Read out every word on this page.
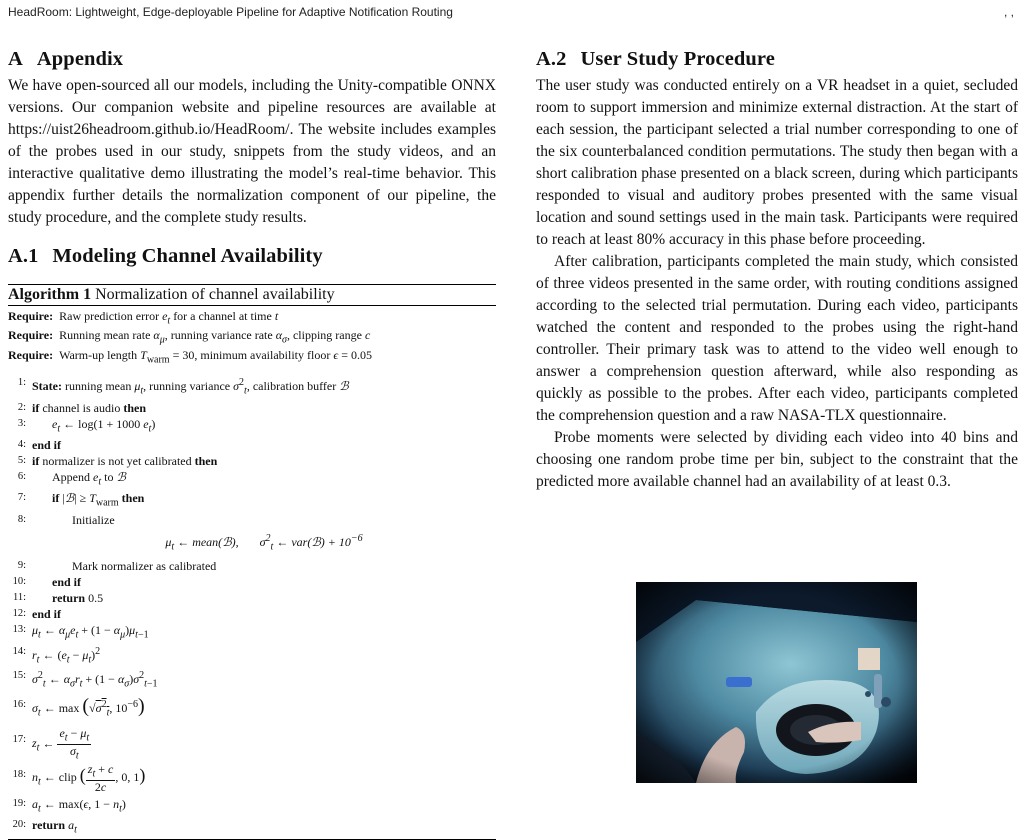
HeadRoom: Lightweight, Edge-deployable Pipeline for Adaptive Notification Routing	, ,
A Appendix

We have open-sourced all our models, including the Unity-compatible ONNX versions. Our companion website and pipeline resources are available at https://uist26headroom.github.io/HeadRoom/. The website includes examples of the probes used in our study, snippets from the study videos, and an interactive qualitative demo illustrating the model’s real-time behavior. This appendix further details the normalization component of our pipeline, the study procedure, and the complete study results.

A.1 Modeling Channel Availability
Algorithm 1 Normalization of channel availability
Require: Raw prediction error $e_t$ for a channel at time t
Require: Running mean rate $\alpha_\mu$, running variance rate $\alpha_\sigma$, clipping range c
Require: Warm-up length $T_{warm} = 30$, minimum availability floor ϵ = 0.05
1: State: running mean $\mu_t$, running variance $\sigma^2_t$, calibration buffer ℬ
2: if channel is audio then
3: $e_t$ ← log(1 + 1000 $e_t$)
4: end if
5: if normalizer is not yet calibrated then
6: Append $e_t$ to ℬ
7: if |ℬ| ≥ $T_{warm}$ then
8:	Initialize
$\mu_t$ ← mean(ℬ),       $\sigma^2_t$ ← var(ℬ) + $10^{-6}$
9:	Mark normalizer as calibrated
10: end if
11: return 0.5
12: end if
13: $\mu_t$ ← $\alpha_\mu e_t + (1 - \alpha_\mu)\mu_{t-1}$
14: $r_t$ ← $(e_t - \mu_t)^2$
15: $\sigma^2_t$ ← $\alpha_\sigma r_t + (1 - \alpha_\sigma)\sigma^2_{t-1}$
16: $\sigma_t$ ← $\max (√\sigma^2_t$, $10^{-6}$)
17: $z_t$ ← $\frac{e_t - \mu_t}{\sigma_t}$
18: $n_t$ ← clip ( $\frac{z_t + c}{2c}$ , 0, 1)
19: $a_t$ ← max(ϵ, $1 - n_t$)
20: return $a_t$
A.2 User Study Procedure

The user study was conducted entirely on a VR headset in a quiet, secluded room to support immersion and minimize external distraction. At the start of each session, the participant selected a trial number corresponding to one of the six counterbalanced condition permutations. The study then began with a short calibration phase presented on a black screen, during which participants responded to visual and auditory probes presented with the same visual location and sound settings used in the main task. Participants were required to reach at least 80% accuracy in this phase before proceeding.

After calibration, participants completed the main study, which consisted of three videos presented in the same order, with routing conditions assigned according to the selected trial permutation. During each video, participants watched the content and responded to the probes using the right-hand controller. Their primary task was to attend to the video well enough to answer a comprehension question afterward, while also responding as quickly as possible to the probes. After each video, participants completed the comprehension question and a raw NASA-TLX questionnaire.

Probe moments were selected by dividing each video into 40 bins and choosing one random probe time per bin, subject to the constraint that the predicted more available channel had an availability of at least 0.3.
